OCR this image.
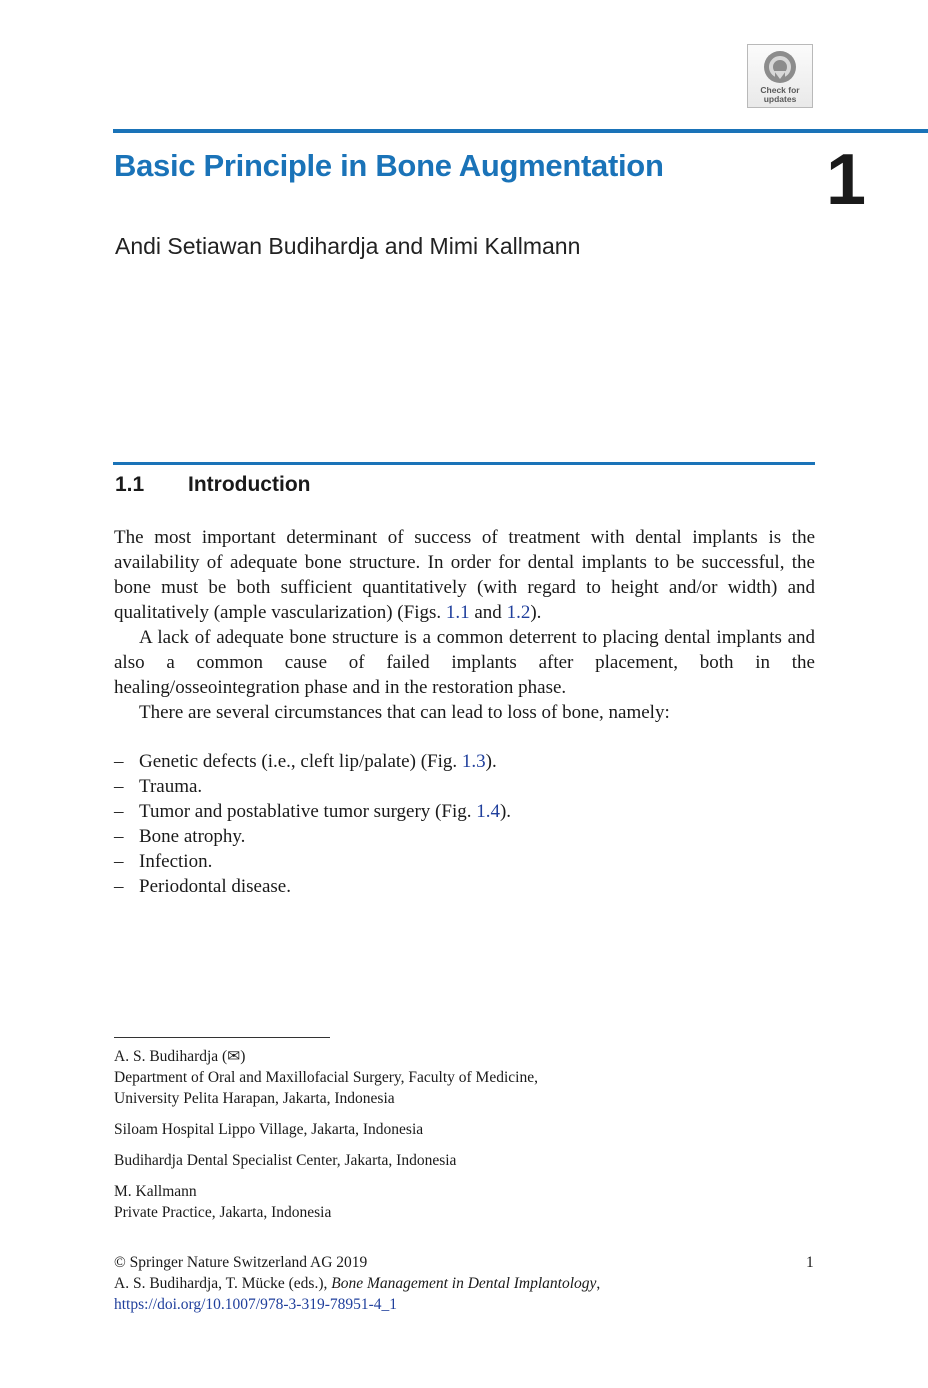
Check for
updates
Basic Principle in Bone Augmentation 1
Andi Setiawan Budihardja and Mimi Kallmann
1.1 Introduction

The most important determinant of success of treatment with dental implants is the availability of adequate bone structure. In order for dental implants to be successful, the bone must be both sufficient quantitatively (with regard to height and/or width) and qualitatively (ample vascularization) (Figs. 1.1 and 1.2).

A lack of adequate bone structure is a common deterrent to placing dental implants and also a common cause of failed implants after placement, both in the healing/osseointegration phase and in the restoration phase.

There are several circumstances that can lead to loss of bone, namely:

– Genetic defects (i.e., cleft lip/palate) (Fig. 1.3).
– Trauma.
– Tumor and postablative tumor surgery (Fig. 1.4).
– Bone atrophy.
– Infection.
– Periodontal disease.
A. S. Budihardja (✉)
Department of Oral and Maxillofacial Surgery, Faculty of Medicine,
University Pelita Harapan, Jakarta, Indonesia
Siloam Hospital Lippo Village, Jakarta, Indonesia
Budihardja Dental Specialist Center, Jakarta, Indonesia
M. Kallmann
Private Practice, Jakarta, Indonesia
© Springer Nature Switzerland AG 2019
A. S. Budihardja, T. Mücke (eds.), Bone Management in Dental Implantology,
https://doi.org/10.1007/978-3-319-78951-4_1
1
